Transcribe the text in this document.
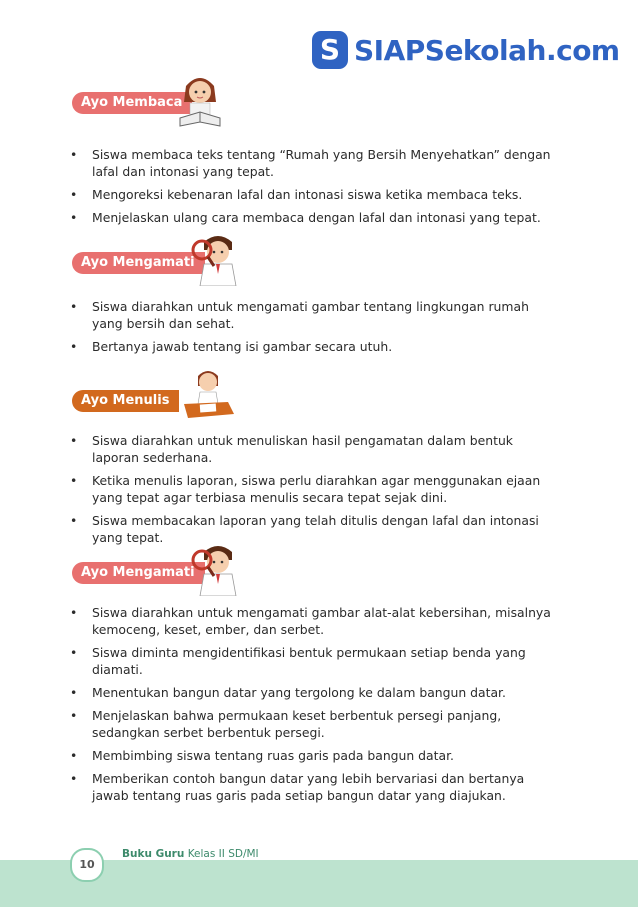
S SIAPSekolah.com
Ayo Membaca
• Siswa membaca teks tentang “Rumah yang Bersih Menyehatkan” dengan lafal dan intonasi yang tepat.
• Mengoreksi kebenaran lafal dan intonasi siswa ketika membaca teks.
• Menjelaskan ulang cara membaca dengan lafal dan intonasi yang tepat.
Ayo Mengamati
• Siswa diarahkan untuk mengamati gambar tentang lingkungan rumah yang bersih dan sehat.
• Bertanya jawab tentang isi gambar secara utuh.
Ayo Menulis
• Siswa diarahkan untuk menuliskan hasil pengamatan dalam bentuk laporan sederhana.
• Ketika menulis laporan, siswa perlu diarahkan agar menggunakan ejaan yang tepat agar terbiasa menulis secara tepat sejak dini.
• Siswa membacakan laporan yang telah ditulis dengan lafal dan intonasi yang tepat.
Ayo Mengamati
• Siswa diarahkan untuk mengamati gambar alat-alat kebersihan, misalnya kemoceng, keset, ember, dan serbet.
• Siswa diminta mengidentifikasi bentuk permukaan setiap benda yang diamati.
• Menentukan bangun datar yang tergolong ke dalam bangun datar.
• Menjelaskan bahwa permukaan keset berbentuk persegi panjang, sedangkan serbet berbentuk persegi.
• Membimbing siswa tentang ruas garis pada bangun datar.
• Memberikan contoh bangun datar yang lebih bervariasi dan bertanya jawab tentang ruas garis pada setiap bangun datar yang diajukan.
10
Buku Guru Kelas II SD/MI
